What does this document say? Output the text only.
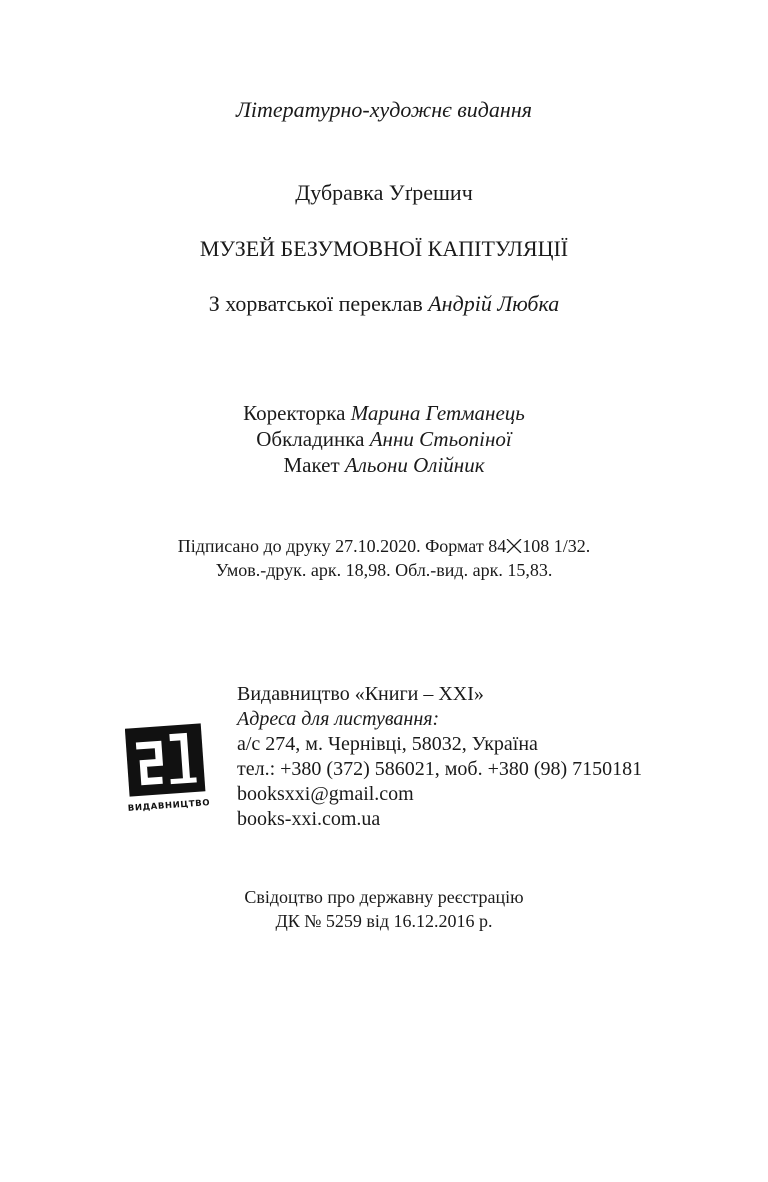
Літературно-художнє видання
Дубравка Уґрешич
МУЗЕЙ БЕЗУМОВНОЇ КАПІТУЛЯЦІЇ
З хорватської переклав Андрій Любка
Коректорка Марина Гетманець
Обкладинка Анни Стьопіної
Макет Альони Олійник
Підписано до друку 27.10.2020. Формат 84 108 1/32.
Умов.-друк. арк. 18,98. Обл.-вид. арк. 15,83.
ВИДАВНИЦТВО
Видавництво «Книги – XXI»
Адреса для листування:
а/с 274, м. Чернівці, 58032, Україна
тел.: +380 (372) 586021, моб. +380 (98) 7150181
booksxxi@gmail.com
books-xxi.com.ua
Свідоцтво про державну реєстрацію
ДК № 5259 від 16.12.2016 р.
